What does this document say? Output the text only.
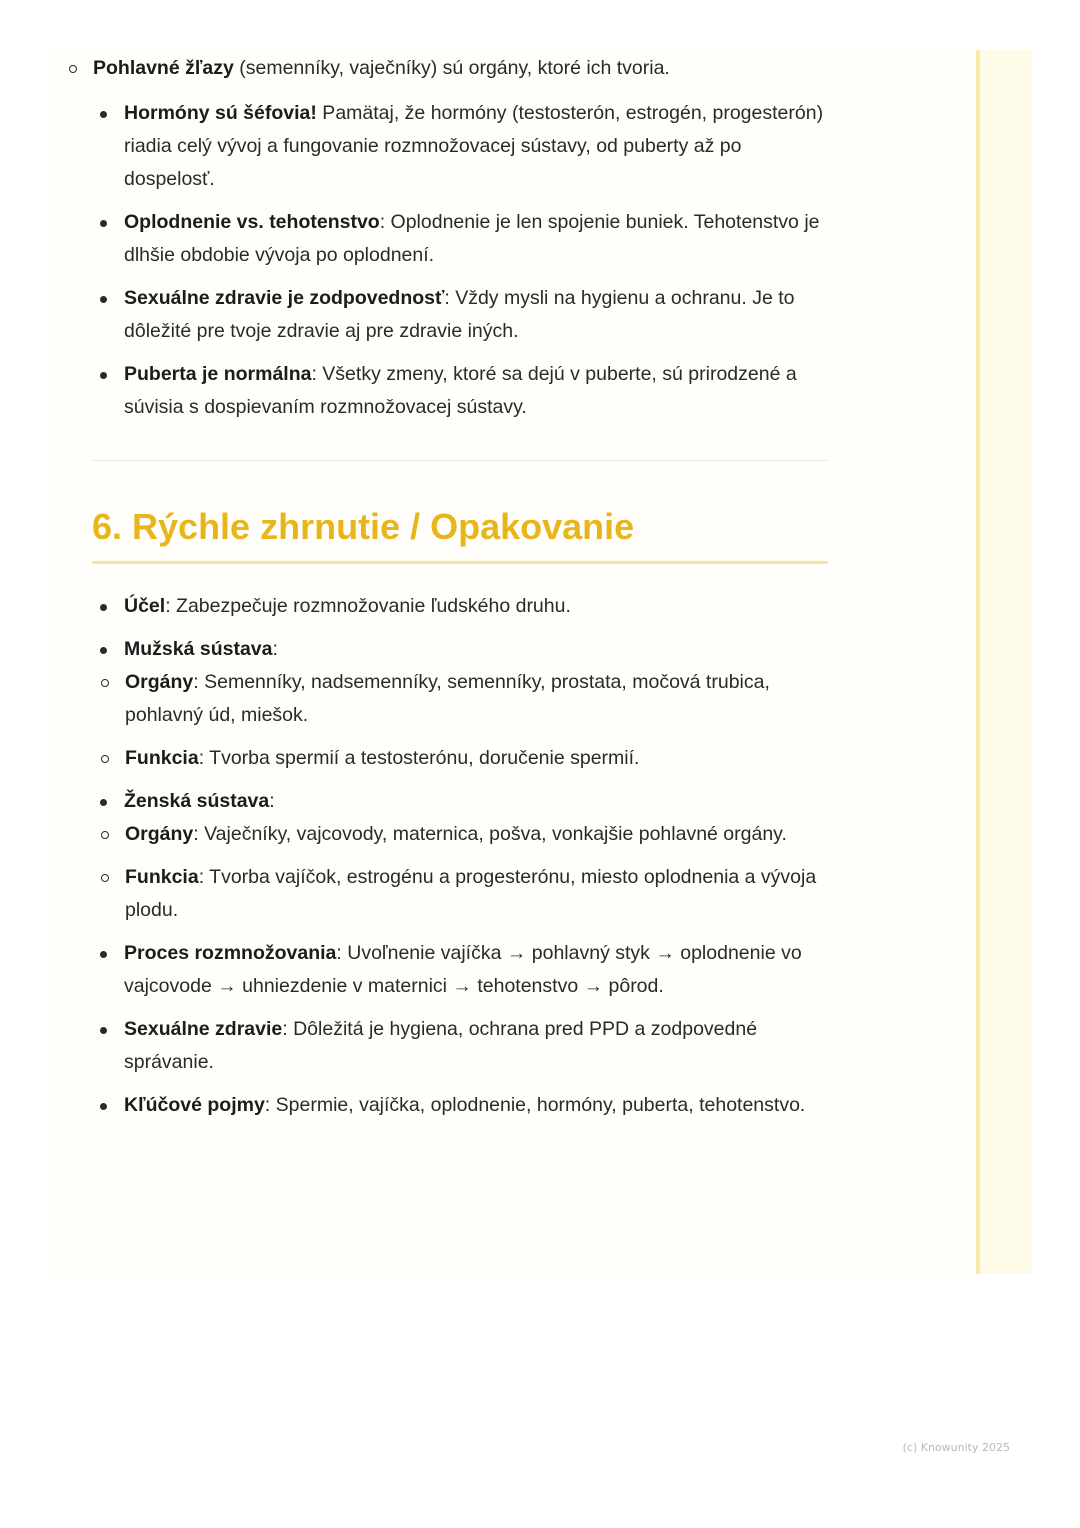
Pohlavné žľazy (semenníky, vaječníky) sú orgány, ktoré ich tvoria.
Hormóny sú šéfovia! Pamätaj, že hormóny (testosterón, estrogén, progesterón) riadia celý vývoj a fungovanie rozmnožovacej sústavy, od puberty až po dospelosť.
Oplodnenie vs. tehotenstvo: Oplodnenie je len spojenie buniek. Tehotenstvo je dlhšie obdobie vývoja po oplodnení.
Sexuálne zdravie je zodpovednosť: Vždy mysli na hygienu a ochranu. Je to dôležité pre tvoje zdravie aj pre zdravie iných.
Puberta je normálna: Všetky zmeny, ktoré sa dejú v puberte, sú prirodzené a súvisia s dospievaním rozmnožovacej sústavy.
6. Rýchle zhrnutie / Opakovanie
Účel: Zabezpečuje rozmnožovanie ľudského druhu.
Mužská sústava:
Orgány: Semenníky, nadsemenníky, semenníky, prostata, močová trubica, pohlavný úd, miešok.
Funkcia: Tvorba spermií a testosterónu, doručenie spermií.
Ženská sústava:
Orgány: Vaječníky, vajcovody, maternica, pošva, vonkajšie pohlavné orgány.
Funkcia: Tvorba vajíčok, estrogénu a progesterónu, miesto oplodnenia a vývoja plodu.
Proces rozmnožovania: Uvoľnenie vajíčka → pohlavný styk → oplodnenie vo vajcovode → uhniezdenie v maternici → tehotenstvo → pôrod.
Sexuálne zdravie: Dôležitá je hygiena, ochrana pred PPD a zodpovedné správanie.
Kľúčové pojmy: Spermie, vajíčka, oplodnenie, hormóny, puberta, tehotenstvo.
(c) Knowunity 2025
